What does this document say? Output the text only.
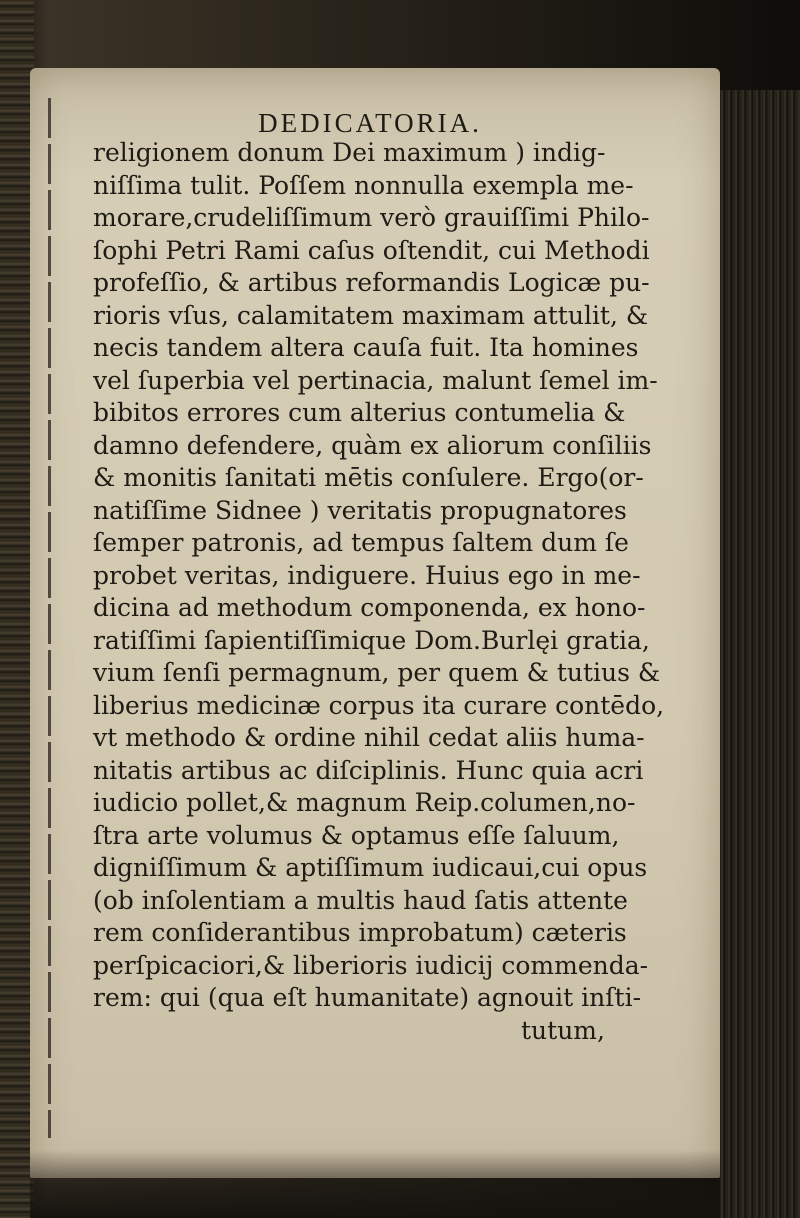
DEDICATORIA.
religionem donum Dei maximum ) indig-
niſſima tulit. Poſſem nonnulla exempla me-
morare,crudeliſſimum verò grauiſſimi Philo-
ſophi Petri Rami caſus oſtendit, cui Methodi
profeſſio, & artibus reformandis Logicæ pu-
rioris vſus, calamitatem maximam attulit, &
necis tandem altera cauſa fuit. Ita homines
vel ſuperbia vel pertinacia, malunt ſemel im-
bibitos errores cum alterius contumelia &
damno defendere, quàm ex aliorum conſiliis
& monitis ſanitati mētis conſulere. Ergo(or-
natiſſime Sidnee ) veritatis propugnatores
ſemper patronis, ad tempus ſaltem dum ſe
probet veritas, indiguere. Huius ego in me-
dicina ad methodum componenda, ex hono-
ratiſſimi ſapientiſſimique Dom.Burlęi gratia,
vium ſenſi permagnum, per quem & tutius &
liberius medicinæ corpus ita curare contēdo,
vt methodo & ordine nihil cedat aliis huma-
nitatis artibus ac diſciplinis. Hunc quia acri
iudicio pollet,& magnum Reip.columen,no-
ſtra arte volumus & optamus eſſe ſaluum,
digniſſimum & aptiſſimum iudicaui,cui opus
(ob inſolentiam a multis haud ſatis attente
rem conſiderantibus improbatum) cæteris
perſpicaciori,& liberioris iudicij commenda-
rem: qui (qua eſt humanitate) agnouit inſti-
tutum,
